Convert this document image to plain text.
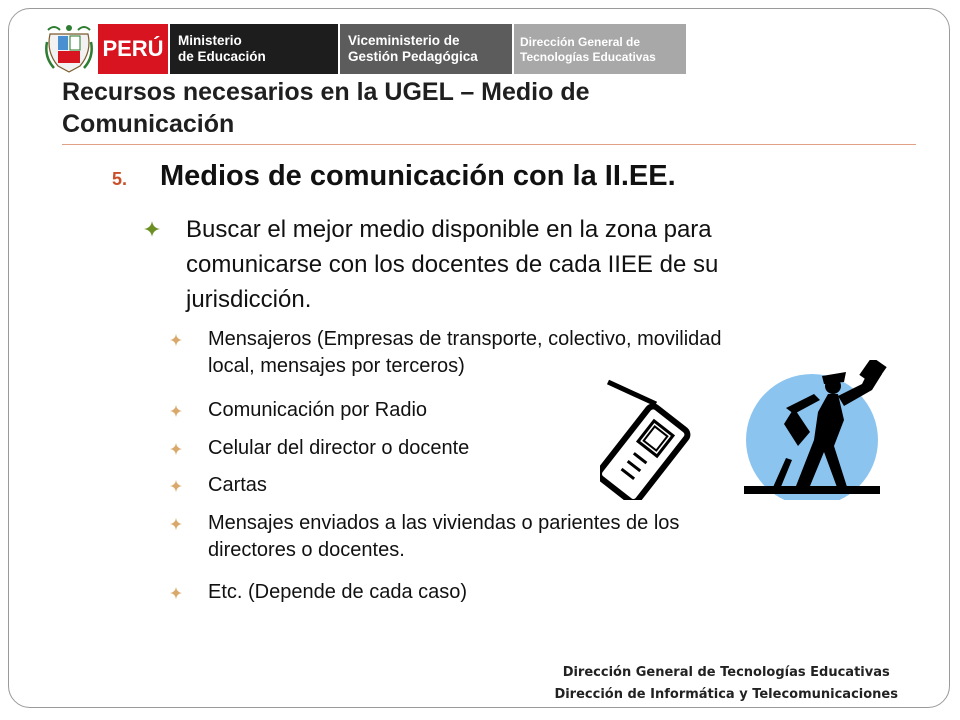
PERÚ Ministerio
de Educación
Viceministerio de
Gestión Pedagógica
Dirección General de
Tecnologías Educativas
Recursos necesarios en la UGEL – Medio de
Comunicación
5. Medios de comunicación con la II.EE.
Buscar el mejor medio disponible en la zona para
comunicarse con los docentes de cada IIEE de su
jurisdicción.
Mensajeros (Empresas de transporte, colectivo, movilidad
local, mensajes por terceros)
Comunicación por Radio
Celular del director o docente
Cartas
Mensajes enviados a las viviendas o parientes de los
directores o docentes.
Etc. (Depende de cada caso)
Dirección General de Tecnologías Educativas
Dirección de Informática y Telecomunicaciones
